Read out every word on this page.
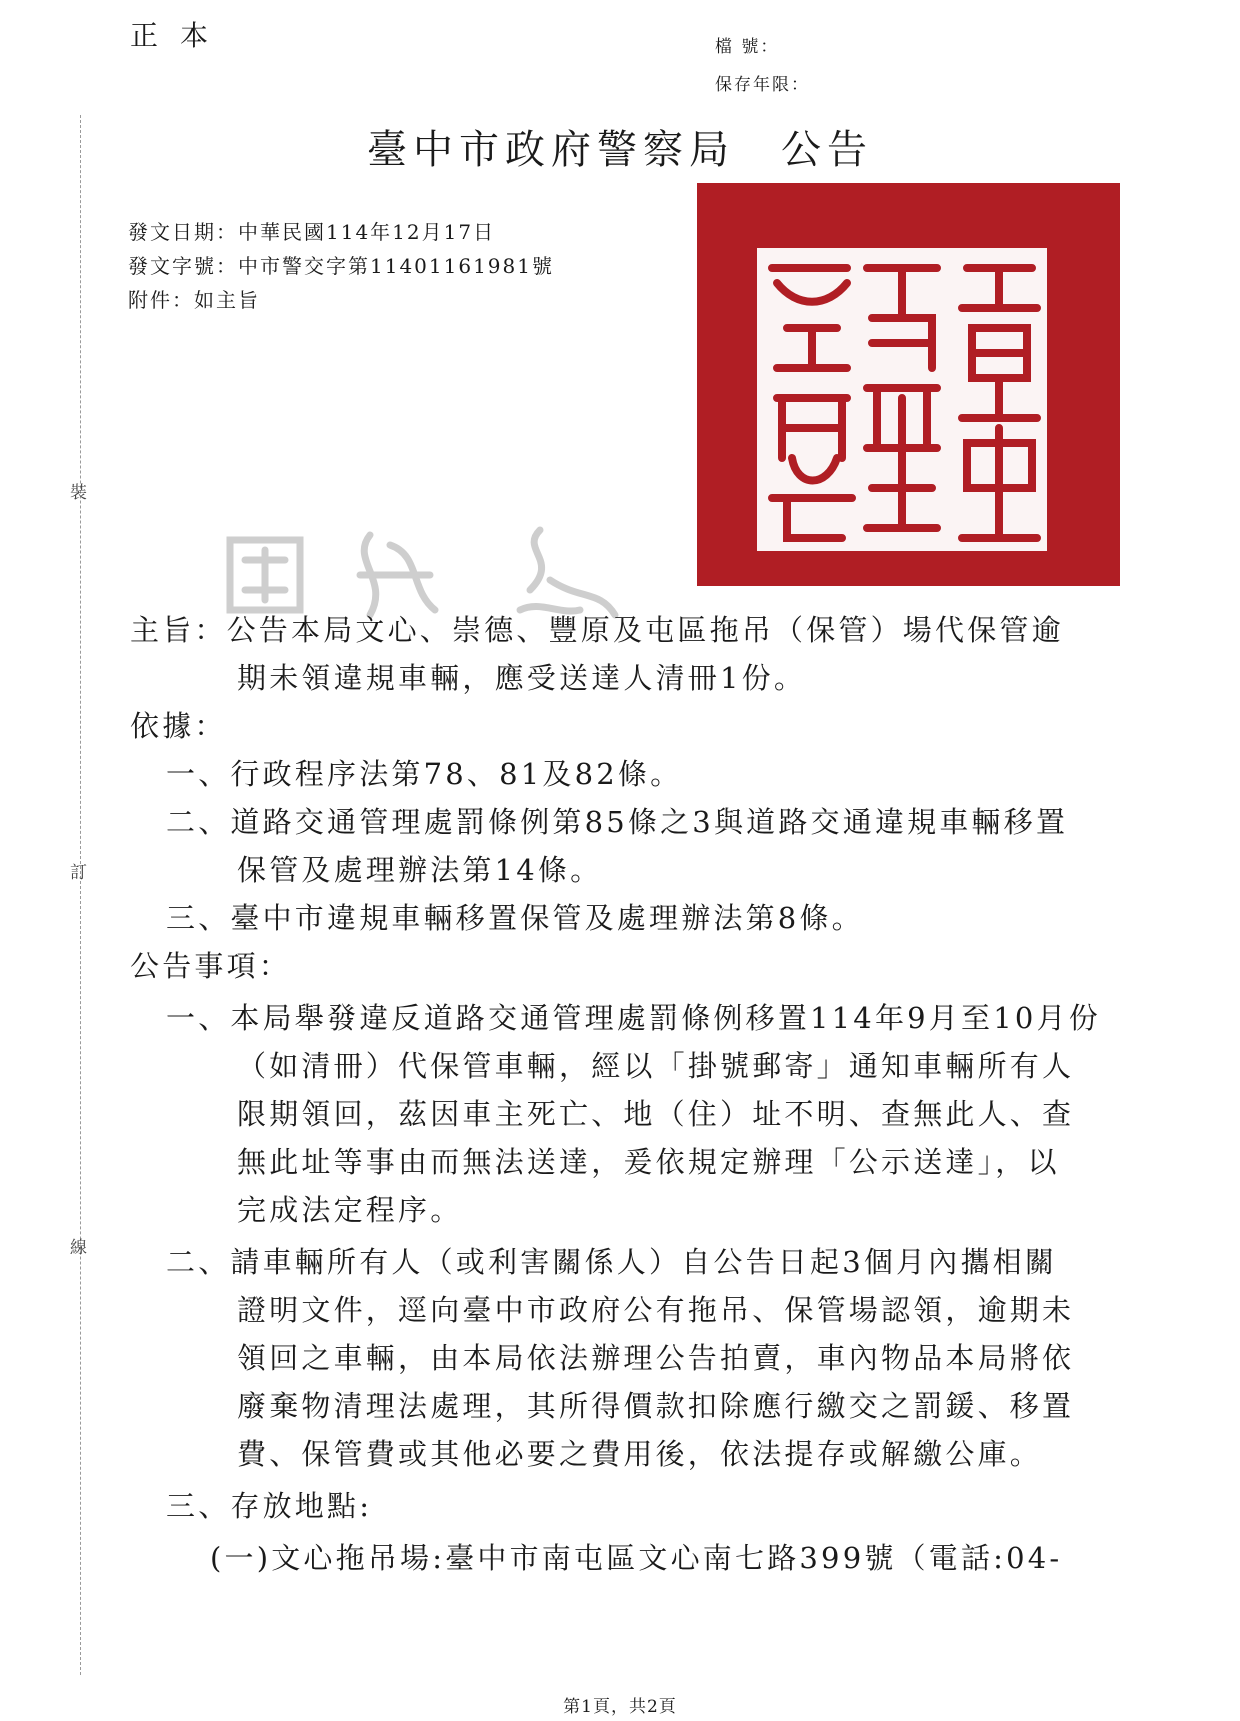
正本	檔 號：
保存年限：
臺中市政府警察局　公告
發文日期：中華民國114年12月17日
發文字號：中市警交字第11401161981號
附件：如主旨
裝
訂
線
主旨：公告本局文心、崇德、豐原及屯區拖吊（保管）場代保管逾
期未領違規車輛，應受送達人清冊1份。
依據：
一、行政程序法第78、81及82條。
二、道路交通管理處罰條例第85條之3與道路交通違規車輛移置
保管及處理辦法第14條。
三、臺中市違規車輛移置保管及處理辦法第8條。
公告事項：
一、本局舉發違反道路交通管理處罰條例移置114年9月至10月份
（如清冊）代保管車輛，經以「掛號郵寄」通知車輛所有人
限期領回，茲因車主死亡、地（住）址不明、查無此人、查
無此址等事由而無法送達，爰依規定辦理「公示送達」，以
完成法定程序。
二、請車輛所有人（或利害關係人）自公告日起3個月內攜相關
證明文件，逕向臺中市政府公有拖吊、保管場認領，逾期未
領回之車輛，由本局依法辦理公告拍賣，車內物品本局將依
廢棄物清理法處理，其所得價款扣除應行繳交之罰鍰、移置
費、保管費或其他必要之費用後，依法提存或解繳公庫。
三、存放地點:
(一)文心拖吊場:臺中市南屯區文心南七路399號（電話:04-
第1頁，共2頁
